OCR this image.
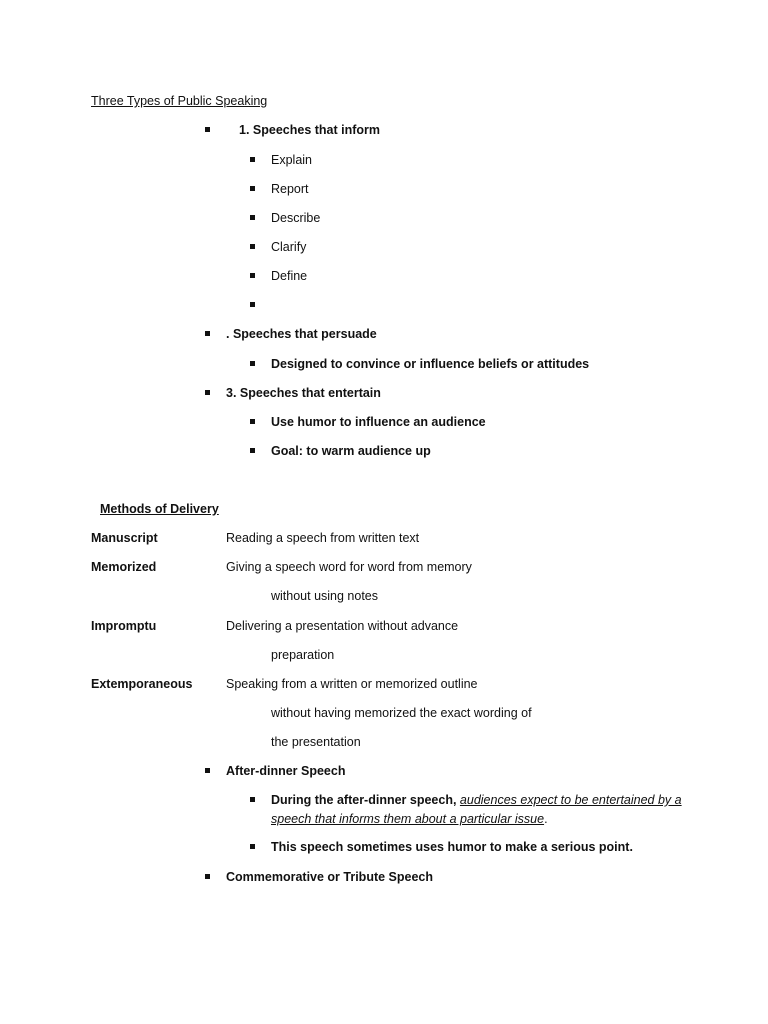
Three Types of Public Speaking
1. Speeches that inform
Explain
Report
Describe
Clarify
Define
. Speeches that persuade
Designed to convince or influence beliefs or attitudes
3. Speeches that entertain
Use humor to influence an audience
Goal: to warm audience up
Methods of Delivery
Manuscript	Reading a speech from written text
Memorized	Giving a speech word for word from memory
without using notes
Impromptu	Delivering a presentation without advance
preparation
Extemporaneous	Speaking from a written or memorized outline
without having memorized the exact wording of
the presentation
After-dinner Speech
During the after-dinner speech, audiences expect to be entertained by a
speech that informs them about a particular issue.
This speech sometimes uses humor to make a serious point.
Commemorative or Tribute Speech
